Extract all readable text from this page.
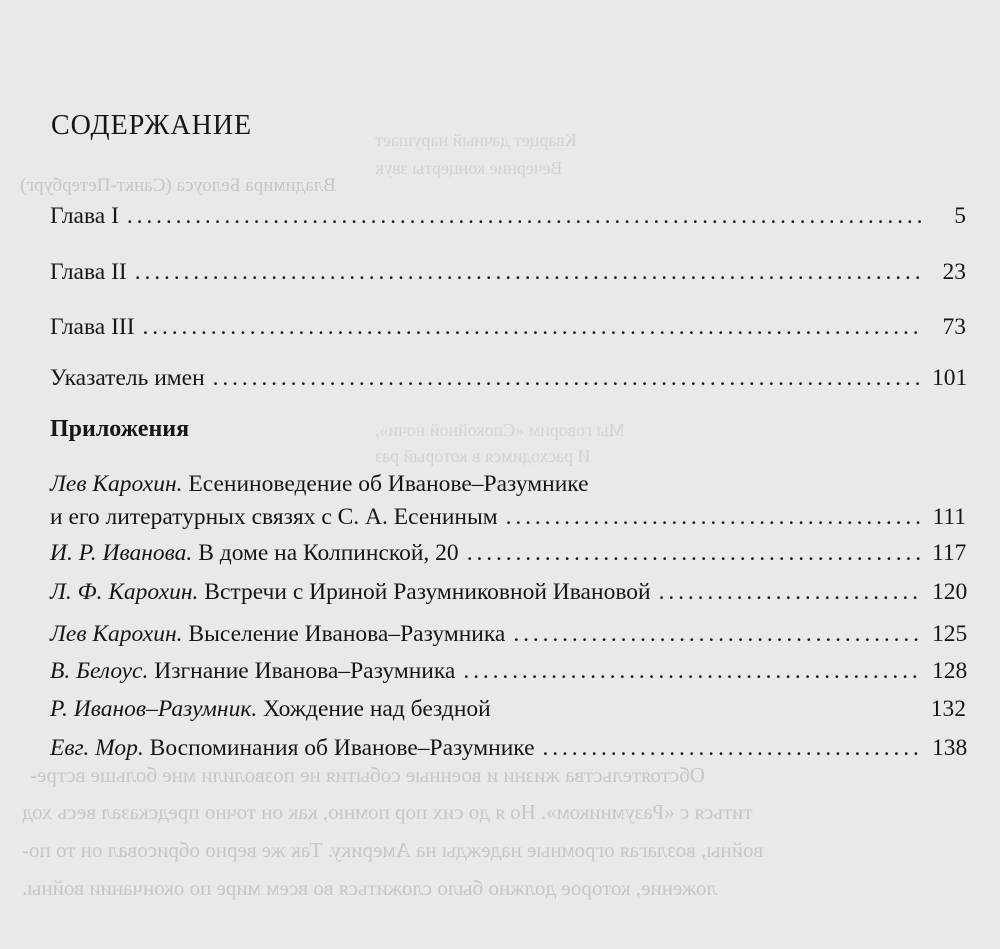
Владимира Белоуса (Санкт-Петербург)
Кварцет дачный нарушает
Вечерние концерты звук
Мы говорим «Спокойной ночи»,
И расходимся в который раз
Обстоятельства жизни и военные события не позволили мне больше встре-
титься с «Разумником». Но я до сих пор помню, как он точно предсказал весь ход
войны, возлагая огромные надежды на Америку. Так же верно обрисовал он то по-
ложение, которое должно было сложиться во всем мире по окончании войны.
СОДЕРЖАНИЕ
Глава I . . .	5
Глава II . . .	23
Глава III . . .	73
Указатель имен . . .	101
Приложения
Лев Карохин. Есениноведение об Иванове–Разумнике
и его литературных связях с С. А. Есениным . . .	111
И. Р. Иванова. В доме на Колпинской, 20 . . .	117
Л. Ф. Карохин. Встречи с Ириной Разумниковной Ивановой . . .	120
Лев Карохин. Выселение Иванова–Разумника . . .	125
В. Белоус. Изгнание Иванова–Разумника . . .	128
Р. Иванов–Разумник. Хождение над бездной	132
Евг. Мор. Воспоминания об Иванове–Разумнике . . .	138
